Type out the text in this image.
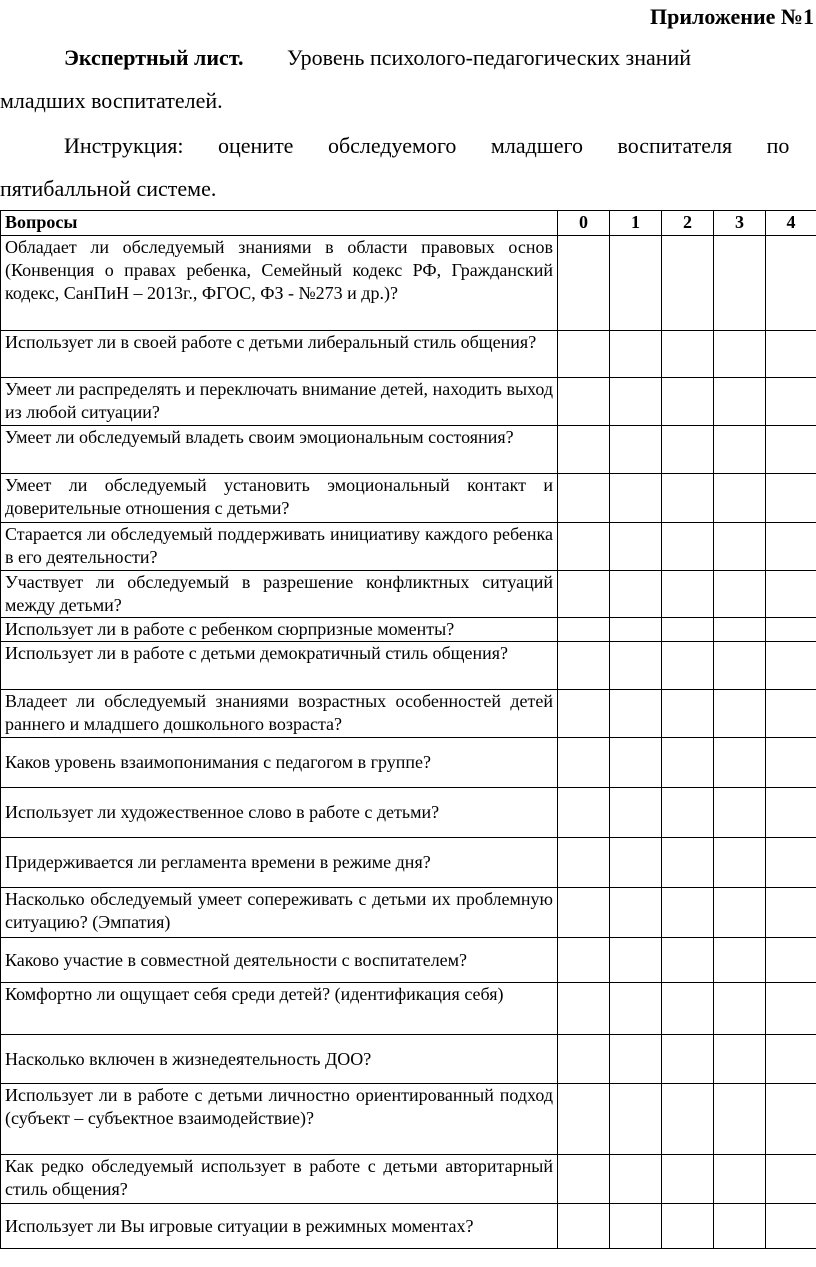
Приложение №1
Экспертный лист. Уровень психолого-педагогических знаний
младших воспитателей.
Инструкция: оцените обследуемого младшего воспитателя по
пятибалльной системе.
Вопросы	0	1	2	3	4
Обладает ли обследуемый знаниями в области правовых основ (Конвенция о правах ребенка, Семейный кодекс РФ, Гражданский кодекс, СанПиН – 2013г., ФГОС, ФЗ - №273 и др.)?					
Использует ли в своей работе с детьми либеральный стиль общения?					
Умеет ли распределять и переключать внимание детей, находить выход из любой ситуации?					
Умеет ли обследуемый владеть своим эмоциональным состояния?					
Умеет ли обследуемый установить эмоциональный контакт и доверительные отношения с детьми?					
Старается ли обследуемый поддерживать инициативу каждого ребенка в его деятельности?					
Участвует ли обследуемый в разрешение конфликтных ситуаций между детьми?					
Использует ли в работе с ребенком сюрпризные моменты?					
Использует ли в работе с детьми демократичный стиль общения?					
Владеет ли обследуемый знаниями возрастных особенностей детей раннего и младшего дошкольного возраста?					
Каков уровень взаимопонимания с педагогом в группе?					
Использует ли художественное слово в работе с детьми?					
Придерживается ли регламента времени в режиме дня?					
Насколько обследуемый умеет сопереживать с детьми их проблемную ситуацию? (Эмпатия)					
Каково участие в совместной деятельности с воспитателем?					
Комфортно ли ощущает себя среди детей? (идентификация себя)					
Насколько включен в жизнедеятельность ДОО?					
Использует ли в работе с детьми личностно ориентированный подход (субъект – субъектное взаимодействие)?					
Как редко обследуемый использует в работе с детьми авторитарный стиль общения?					
Использует ли Вы игровые ситуации в режимных моментах?					
